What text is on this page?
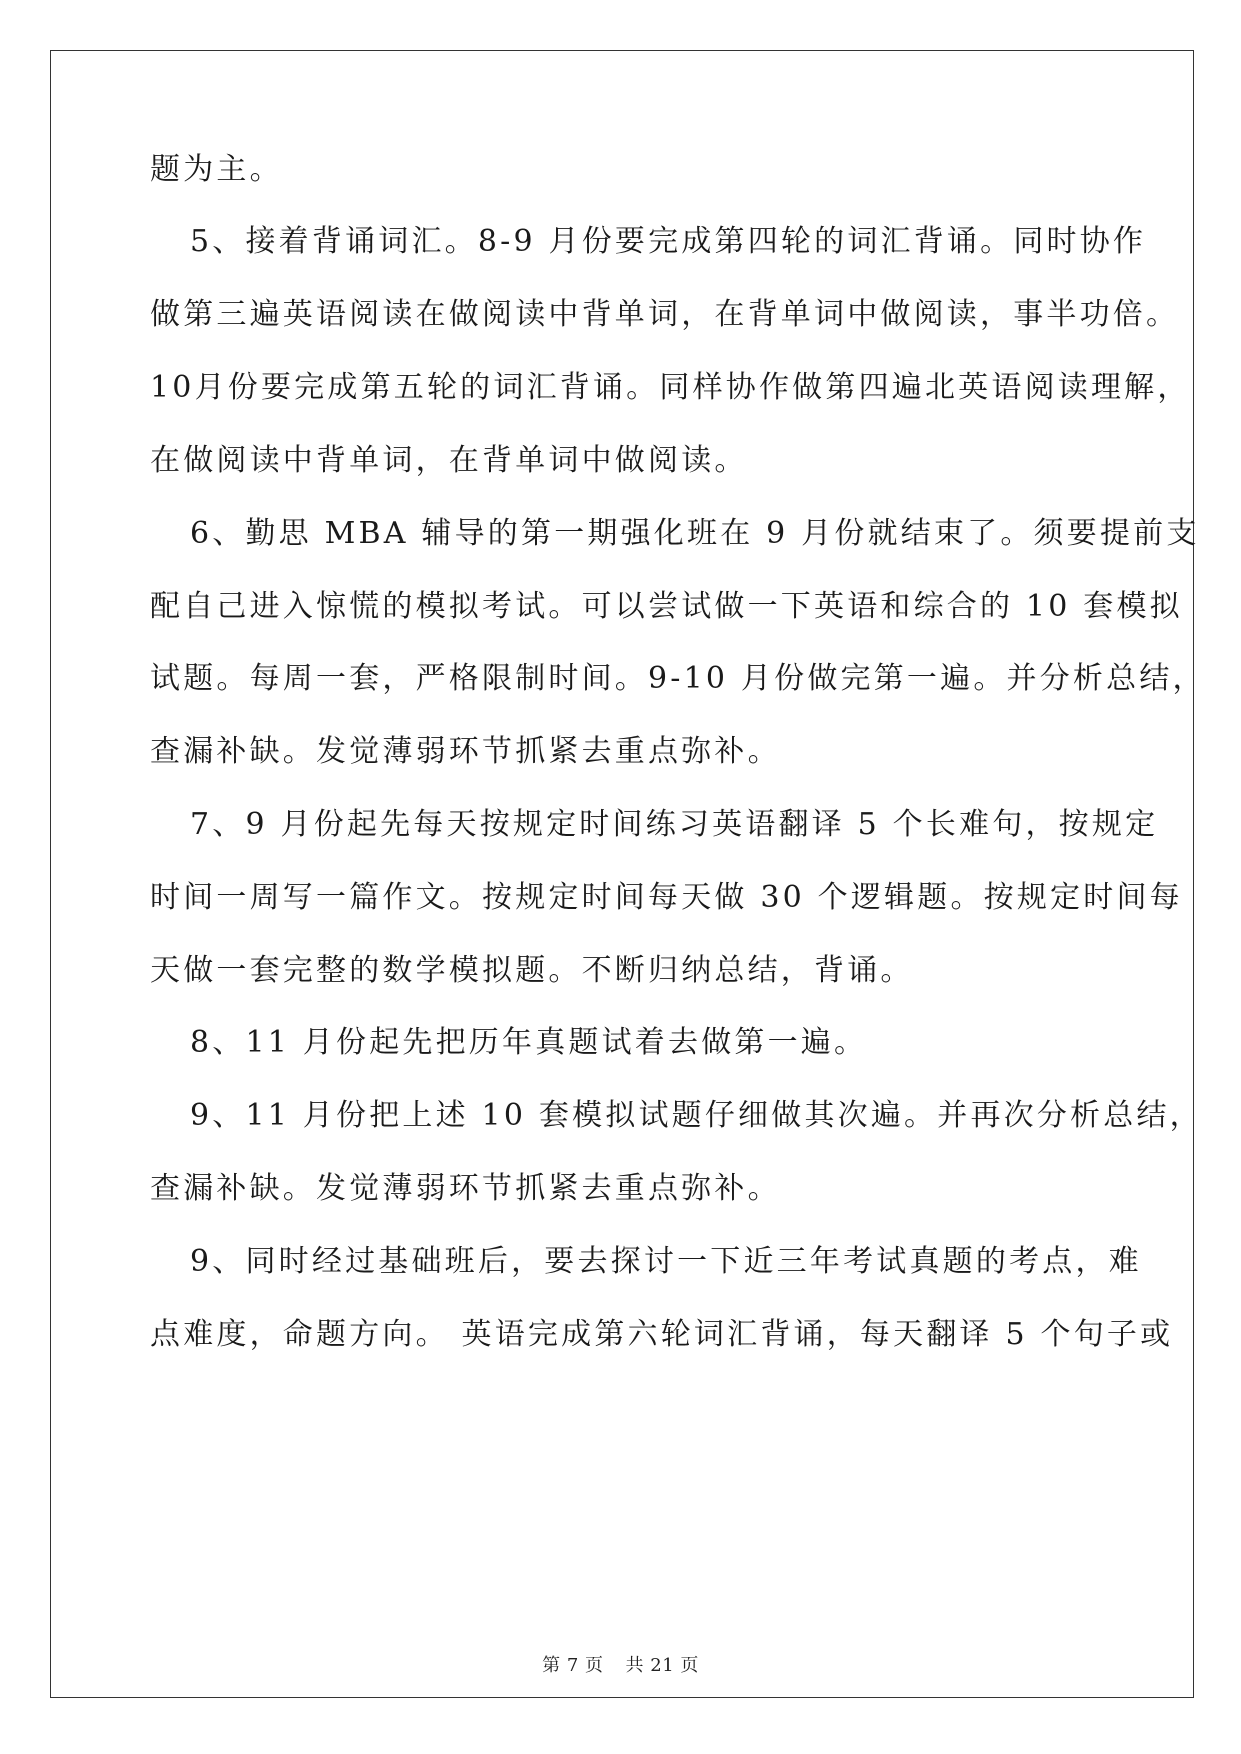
题为主。
5、接着背诵词汇。8-9 月份要完成第四轮的词汇背诵。同时协作
做第三遍英语阅读在做阅读中背单词，在背单词中做阅读，事半功倍。
10月份要完成第五轮的词汇背诵。同样协作做第四遍北英语阅读理解，
在做阅读中背单词，在背单词中做阅读。
6、勤思 MBA 辅导的第一期强化班在 9 月份就结束了。须要提前支
配自己进入惊慌的模拟考试。可以尝试做一下英语和综合的 10 套模拟
试题。每周一套，严格限制时间。9-10 月份做完第一遍。并分析总结，
查漏补缺。发觉薄弱环节抓紧去重点弥补。
7、9 月份起先每天按规定时间练习英语翻译 5 个长难句，按规定
时间一周写一篇作文。按规定时间每天做 30 个逻辑题。按规定时间每
天做一套完整的数学模拟题。不断归纳总结，背诵。
8、11 月份起先把历年真题试着去做第一遍。
9、11 月份把上述 10 套模拟试题仔细做其次遍。并再次分析总结，
查漏补缺。发觉薄弱环节抓紧去重点弥补。
9、同时经过基础班后，要去探讨一下近三年考试真题的考点，难
点难度，命题方向。 英语完成第六轮词汇背诵，每天翻译 5 个句子或
第 7 页 共 21 页
